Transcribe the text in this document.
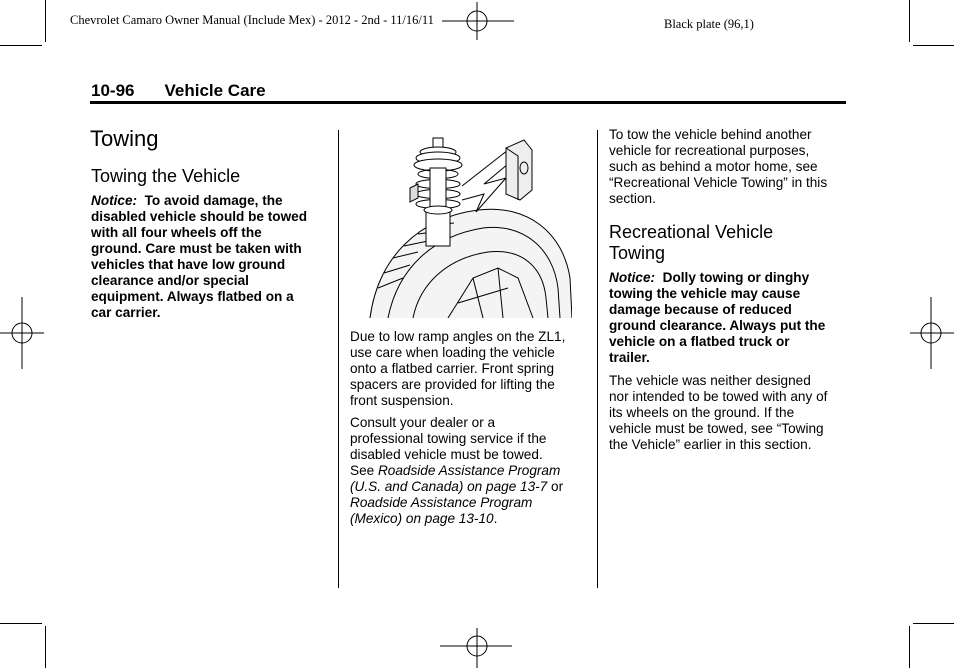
Chevrolet Camaro Owner Manual (Include Mex) - 2012 - 2nd - 11/16/11	Black plate (96,1)
10-96 Vehicle Care
Towing
Towing the Vehicle
Notice: To avoid damage, the
disabled vehicle should be towed
with all four wheels off the
ground. Care must be taken with
vehicles that have low ground
clearance and/or special
equipment. Always flatbed on a
car carrier.
Due to low ramp angles on the ZL1,
use care when loading the vehicle
onto a flatbed carrier. Front spring
spacers are provided for lifting the
front suspension.
Consult your dealer or a
professional towing service if the
disabled vehicle must be towed.
See Roadside Assistance Program
(U.S. and Canada) on page 13-7 or
Roadside Assistance Program
(Mexico) on page 13-10.
To tow the vehicle behind another
vehicle for recreational purposes,
such as behind a motor home, see
“Recreational Vehicle Towing” in this
section.
Recreational Vehicle
Towing
Notice: Dolly towing or dinghy
towing the vehicle may cause
damage because of reduced
ground clearance. Always put the
vehicle on a flatbed truck or
trailer.
The vehicle was neither designed
nor intended to be towed with any of
its wheels on the ground. If the
vehicle must be towed, see “Towing
the Vehicle” earlier in this section.
